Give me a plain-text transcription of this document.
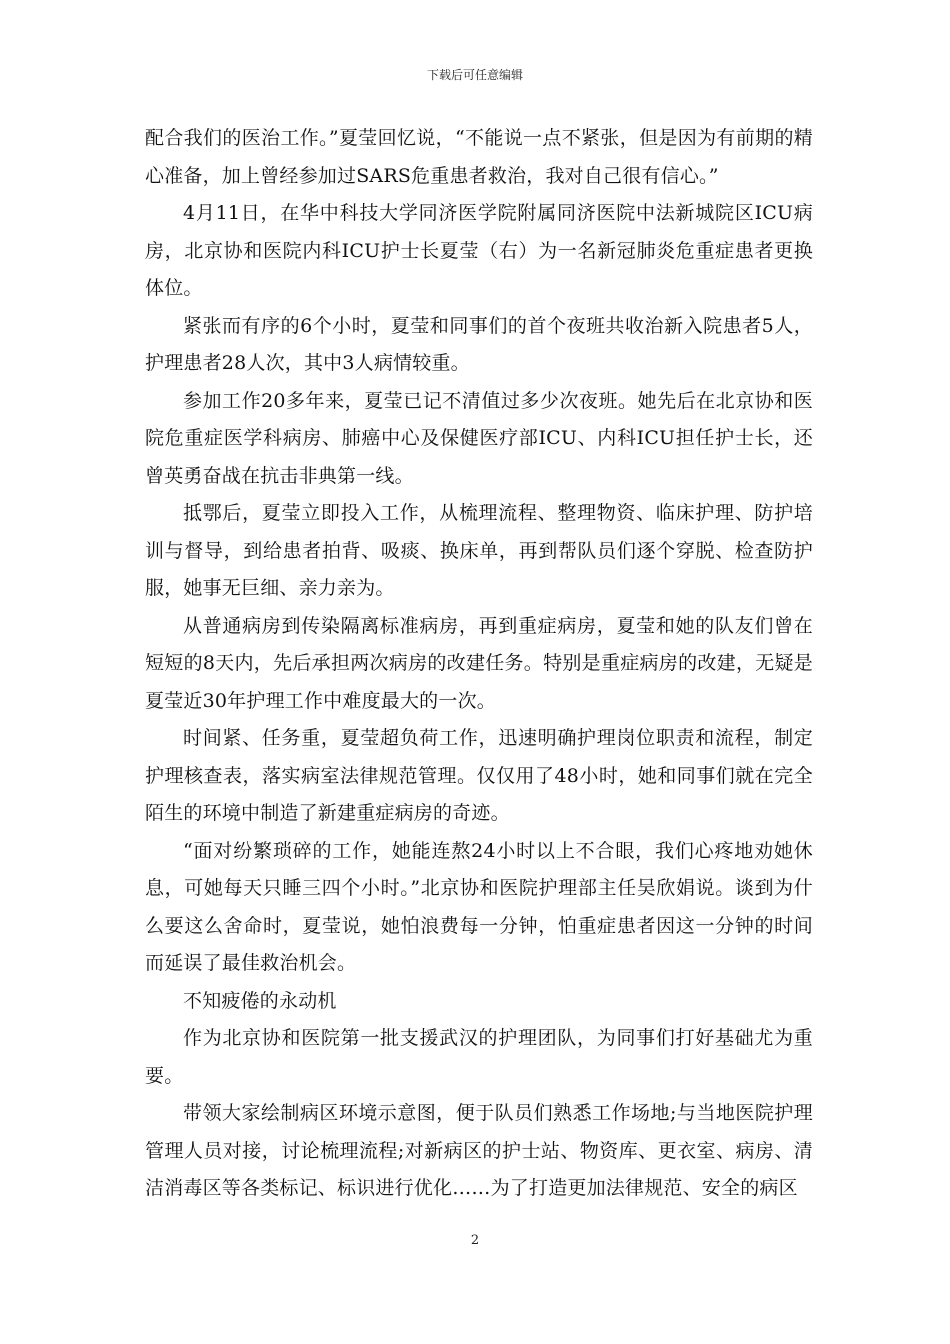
下载后可任意编辑

配合我们的医治工作。”夏莹回忆说，“不能说一点不紧张，但是因为有前期的精心准备，加上曾经参加过SARS危重患者救治，我对自己很有信心。”

4月11日，在华中科技大学同济医学院附属同济医院中法新城院区ICU病房，北京协和医院内科ICU护士长夏莹（右）为一名新冠肺炎危重症患者更换体位。

紧张而有序的6个小时，夏莹和同事们的首个夜班共收治新入院患者5人，护理患者28人次，其中3人病情较重。

参加工作20多年来，夏莹已记不清值过多少次夜班。她先后在北京协和医院危重症医学科病房、肺癌中心及保健医疗部ICU、内科ICU担任护士长，还曾英勇奋战在抗击非典第一线。

抵鄂后，夏莹立即投入工作，从梳理流程、整理物资、临床护理、防护培训与督导，到给患者拍背、吸痰、换床单，再到帮队员们逐个穿脱、检查防护服，她事无巨细、亲力亲为。

从普通病房到传染隔离标准病房，再到重症病房，夏莹和她的队友们曾在短短的8天内，先后承担两次病房的改建任务。特别是重症病房的改建，无疑是夏莹近30年护理工作中难度最大的一次。

时间紧、任务重，夏莹超负荷工作，迅速明确护理岗位职责和流程，制定护理核查表，落实病室法律规范管理。仅仅用了48小时，她和同事们就在完全陌生的环境中制造了新建重症病房的奇迹。

“面对纷繁琐碎的工作，她能连熬24小时以上不合眼，我们心疼地劝她休息，可她每天只睡三四个小时。”北京协和医院护理部主任吴欣娟说。谈到为什么要这么舍命时，夏莹说，她怕浪费每一分钟，怕重症患者因这一分钟的时间而延误了最佳救治机会。

不知疲倦的永动机

作为北京协和医院第一批支援武汉的护理团队，为同事们打好基础尤为重要。

带领大家绘制病区环境示意图，便于队员们熟悉工作场地;与当地医院护理管理人员对接，讨论梳理流程;对新病区的护士站、物资库、更衣室、病房、清洁消毒区等各类标记、标识进行优化……为了打造更加法律规范、安全的病区

2
